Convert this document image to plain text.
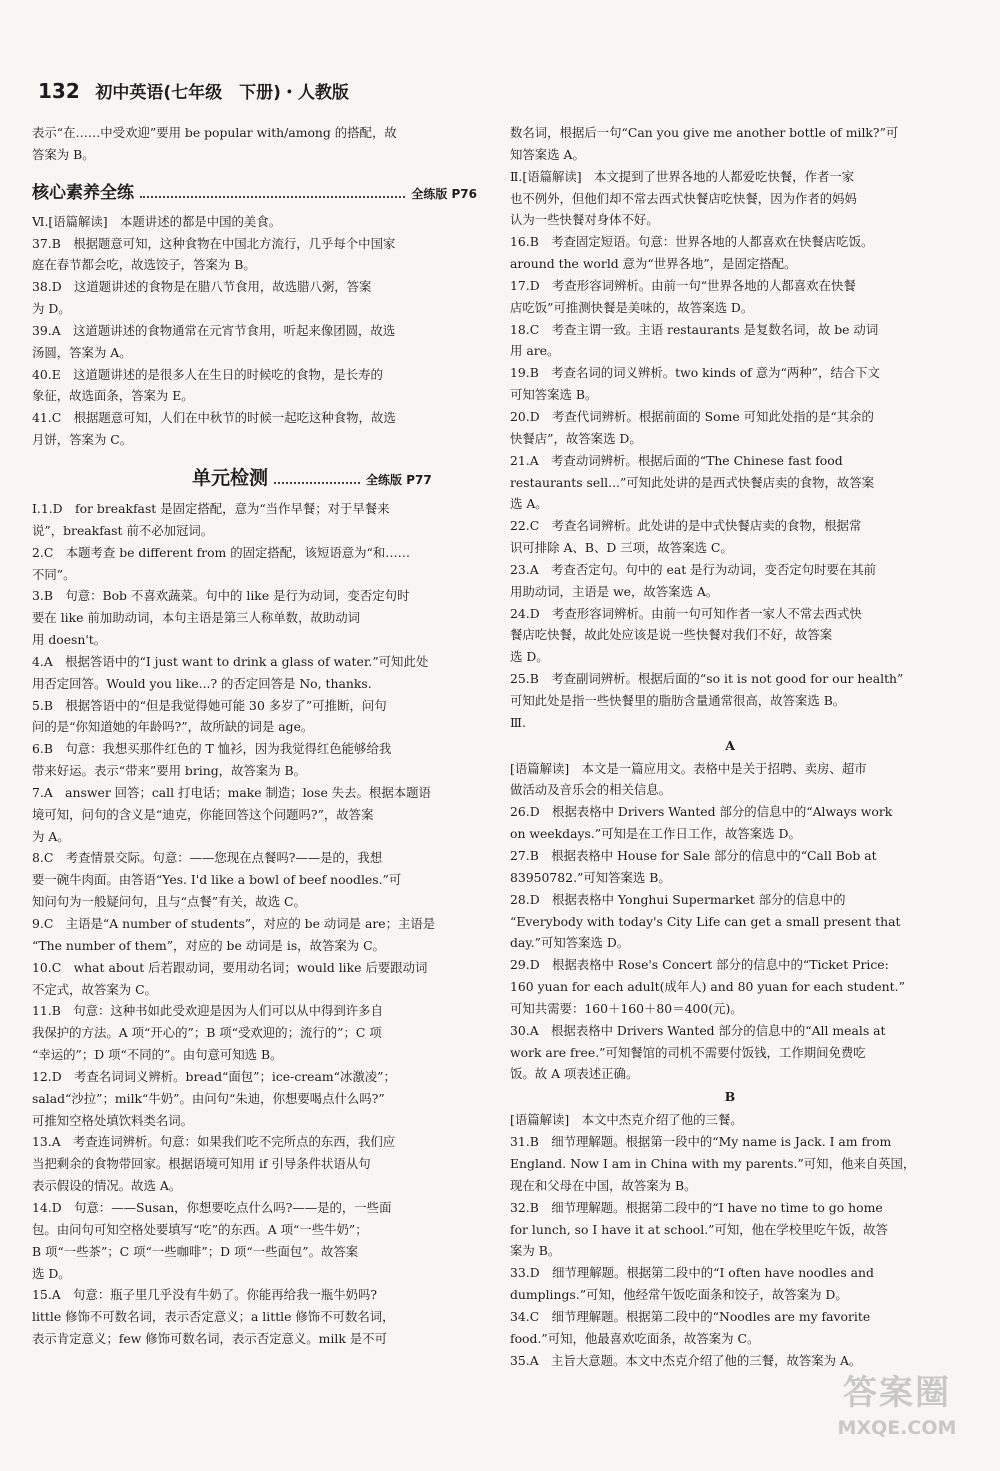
132 初中英语(七年级　下册)・人教版
表示“在……中受欢迎”要用 be popular with/among 的搭配，故
答案为 B。
核心素养全练	全练版 P76
Ⅵ.[语篇解读]　本题讲述的都是中国的美食。
37.B　根据题意可知，这种食物在中国北方流行，几乎每个中国家
庭在春节都会吃，故选饺子，答案为 B。
38.D　这道题讲述的食物是在腊八节食用，故选腊八粥，答案
为 D。
39.A　这道题讲述的食物通常在元宵节食用，听起来像团圆，故选
汤圆，答案为 A。
40.E　这道题讲述的是很多人在生日的时候吃的食物，是长寿的
象征，故选面条，答案为 E。
41.C　根据题意可知，人们在中秋节的时候一起吃这种食物，故选
月饼，答案为 C。
单元检测	全练版 P77
Ⅰ.1.D　for breakfast 是固定搭配，意为“当作早餐；对于早餐来
说”，breakfast 前不必加冠词。
2.C　本题考查 be different from 的固定搭配，该短语意为“和……
不同”。
3.B　句意：Bob 不喜欢蔬菜。句中的 like 是行为动词，变否定句时
要在 like 前加助动词，本句主语是第三人称单数，故助动词
用 doesn't。
4.A　根据答语中的“I just want to drink a glass of water.”可知此处
用否定回答。Would you like...? 的否定回答是 No, thanks.
5.B　根据答语中的“但是我觉得她可能 30 多岁了”可推断，问句
问的是“你知道她的年龄吗?”，故所缺的词是 age。
6.B　句意：我想买那件红色的 T 恤衫，因为我觉得红色能够给我
带来好运。表示“带来”要用 bring，故答案为 B。
7.A　answer 回答；call 打电话；make 制造；lose 失去。根据本题语
境可知，问句的含义是“迪克，你能回答这个问题吗?”，故答案
为 A。
8.C　考查情景交际。句意：——您现在点餐吗?——是的，我想
要一碗牛肉面。由答语“Yes. I'd like a bowl of beef noodles.”可
知问句为一般疑问句，且与“点餐”有关，故选 C。
9.C　主语是“A number of students”，对应的 be 动词是 are；主语是
“The number of them”，对应的 be 动词是 is，故答案为 C。
10.C　what about 后若跟动词，要用动名词；would like 后要跟动词
不定式，故答案为 C。
11.B　句意：这种书如此受欢迎是因为人们可以从中得到许多自
我保护的方法。A 项“开心的”；B 项“受欢迎的；流行的”；C 项
“幸运的”；D 项“不同的”。由句意可知选 B。
12.D　考查名词词义辨析。bread“面包”；ice-cream“冰激凌”；
salad“沙拉”；milk“牛奶”。由问句“朱迪，你想要喝点什么吗?”
可推知空格处填饮料类名词。
13.A　考查连词辨析。句意：如果我们吃不完所点的东西，我们应
当把剩余的食物带回家。根据语境可知用 if 引导条件状语从句
表示假设的情况。故选 A。
14.D　句意：——Susan，你想要吃点什么吗?——是的，一些面
包。由问句可知空格处要填写“吃”的东西。A 项“一些牛奶”；
B 项“一些茶”；C 项“一些咖啡”；D 项“一些面包”。故答案
选 D。
15.A　句意：瓶子里几乎没有牛奶了。你能再给我一瓶牛奶吗?
little 修饰不可数名词，表示否定意义；a little 修饰不可数名词，
表示肯定意义；few 修饰可数名词，表示否定意义。milk 是不可
数名词，根据后一句“Can you give me another bottle of milk?”可
知答案选 A。
Ⅱ.[语篇解读]　本文提到了世界各地的人都爱吃快餐，作者一家
也不例外，但他们却不常去西式快餐店吃快餐，因为作者的妈妈
认为一些快餐对身体不好。
16.B　考查固定短语。句意：世界各地的人都喜欢在快餐店吃饭。
around the world 意为“世界各地”，是固定搭配。
17.D　考查形容词辨析。由前一句“世界各地的人都喜欢在快餐
店吃饭”可推测快餐是美味的，故答案选 D。
18.C　考查主谓一致。主语 restaurants 是复数名词，故 be 动词
用 are。
19.B　考查名词的词义辨析。two kinds of 意为“两种”，结合下文
可知答案选 B。
20.D　考查代词辨析。根据前面的 Some 可知此处指的是“其余的
快餐店”，故答案选 D。
21.A　考查动词辨析。根据后面的“The Chinese fast food
restaurants sell...”可知此处讲的是西式快餐店卖的食物，故答案
选 A。
22.C　考查名词辨析。此处讲的是中式快餐店卖的食物，根据常
识可排除 A、B、D 三项，故答案选 C。
23.A　考查否定句。句中的 eat 是行为动词，变否定句时要在其前
用助动词，主语是 we，故答案选 A。
24.D　考查形容词辨析。由前一句可知作者一家人不常去西式快
餐店吃快餐，故此处应该是说一些快餐对我们不好，故答案
选 D。
25.B　考查副词辨析。根据后面的“so it is not good for our health”
可知此处是指一些快餐里的脂肪含量通常很高，故答案选 B。
Ⅲ.
A
[语篇解读]　本文是一篇应用文。表格中是关于招聘、卖房、超市
做活动及音乐会的相关信息。
26.D　根据表格中 Drivers Wanted 部分的信息中的“Always work
on weekdays.”可知是在工作日工作，故答案选 D。
27.B　根据表格中 House for Sale 部分的信息中的“Call Bob at
83950782.”可知答案选 B。
28.D　根据表格中 Yonghui Supermarket 部分的信息中的
“Everybody with today's City Life can get a small present that
day.”可知答案选 D。
29.D　根据表格中 Rose's Concert 部分的信息中的“Ticket Price:
160 yuan for each adult(成年人) and 80 yuan for each student.”
可知共需要：160＋160＋80＝400(元)。
30.A　根据表格中 Drivers Wanted 部分的信息中的“All meals at
work are free.”可知餐馆的司机不需要付饭钱，工作期间免费吃
饭。故 A 项表述正确。
B
[语篇解读]　本文中杰克介绍了他的三餐。
31.B　细节理解题。根据第一段中的“My name is Jack. I am from
England. Now I am in China with my parents.”可知，他来自英国，
现在和父母在中国，故答案为 B。
32.B　细节理解题。根据第二段中的“I have no time to go home
for lunch, so I have it at school.”可知，他在学校里吃午饭，故答
案为 B。
33.D　细节理解题。根据第二段中的“I often have noodles and
dumplings.”可知，他经常午饭吃面条和饺子，故答案为 D。
34.C　细节理解题。根据第二段中的“Noodles are my favorite
food.”可知，他最喜欢吃面条，故答案为 C。
35.A　主旨大意题。本文中杰克介绍了他的三餐，故答案为 A。
答案圈
MXQE.COM
